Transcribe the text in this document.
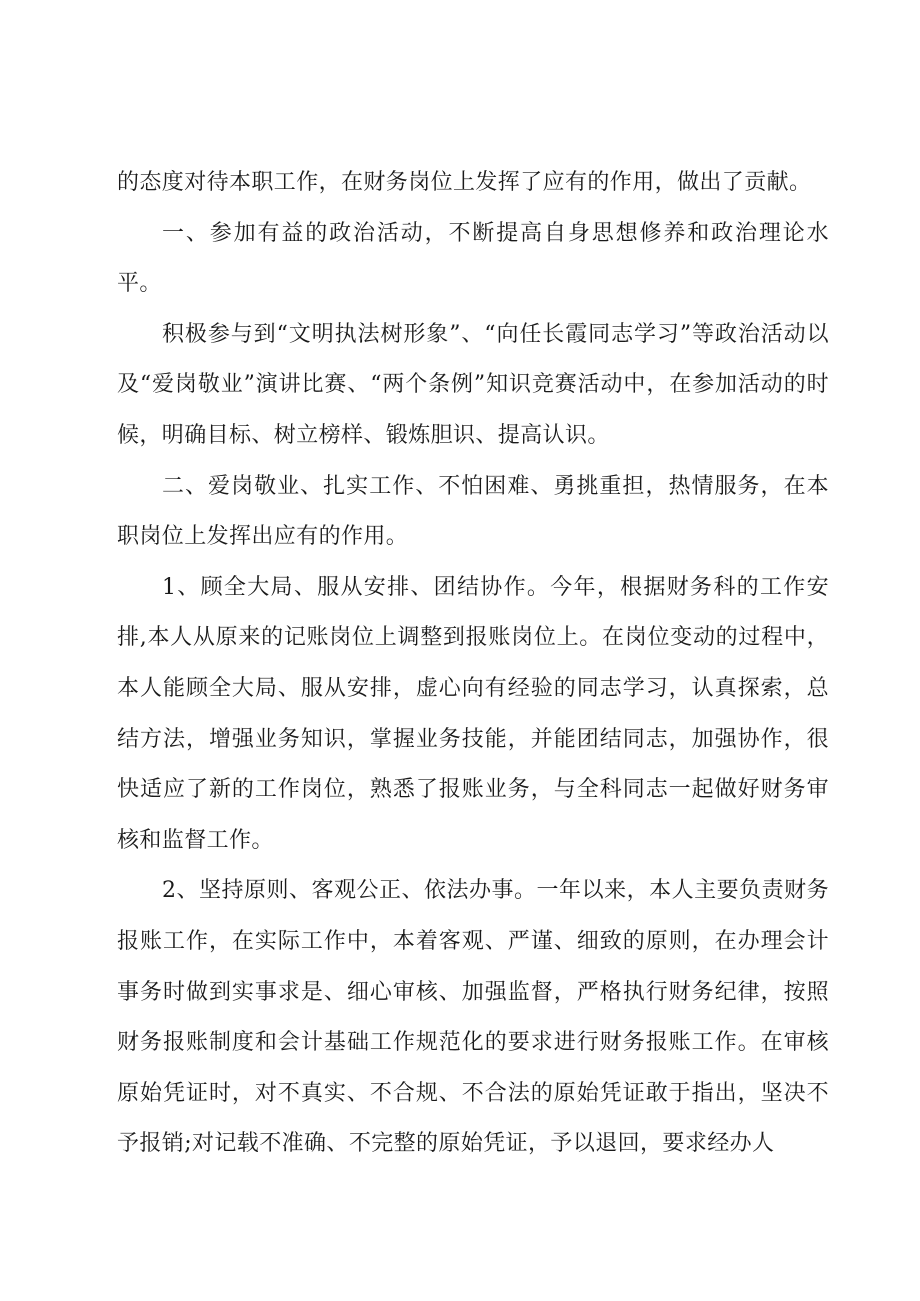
的态度对待本职工作，在财务岗位上发挥了应有的作用，做出了贡献。

一、参加有益的政治活动，不断提高自身思想修养和政治理论水平。

积极参与到“文明执法树形象”、“向任长霞同志学习”等政治活动以及“爱岗敬业”演讲比赛、“两个条例”知识竞赛活动中，在参加活动的时候，明确目标、树立榜样、锻炼胆识、提高认识。

二、爱岗敬业、扎实工作、不怕困难、勇挑重担，热情服务，在本职岗位上发挥出应有的作用。

1、顾全大局、服从安排、团结协作。今年，根据财务科的工作安排,本人从原来的记账岗位上调整到报账岗位上。在岗位变动的过程中，本人能顾全大局、服从安排，虚心向有经验的同志学习，认真探索，总结方法，增强业务知识，掌握业务技能，并能团结同志，加强协作，很快适应了新的工作岗位，熟悉了报账业务，与全科同志一起做好财务审核和监督工作。

2、坚持原则、客观公正、依法办事。一年以来，本人主要负责财务报账工作，在实际工作中，本着客观、严谨、细致的原则，在办理会计事务时做到实事求是、细心审核、加强监督，严格执行财务纪律，按照财务报账制度和会计基础工作规范化的要求进行财务报账工作。在审核原始凭证时，对不真实、不合规、不合法的原始凭证敢于指出，坚决不予报销;对记载不准确、不完整的原始凭证，予以退回，要求经办人
